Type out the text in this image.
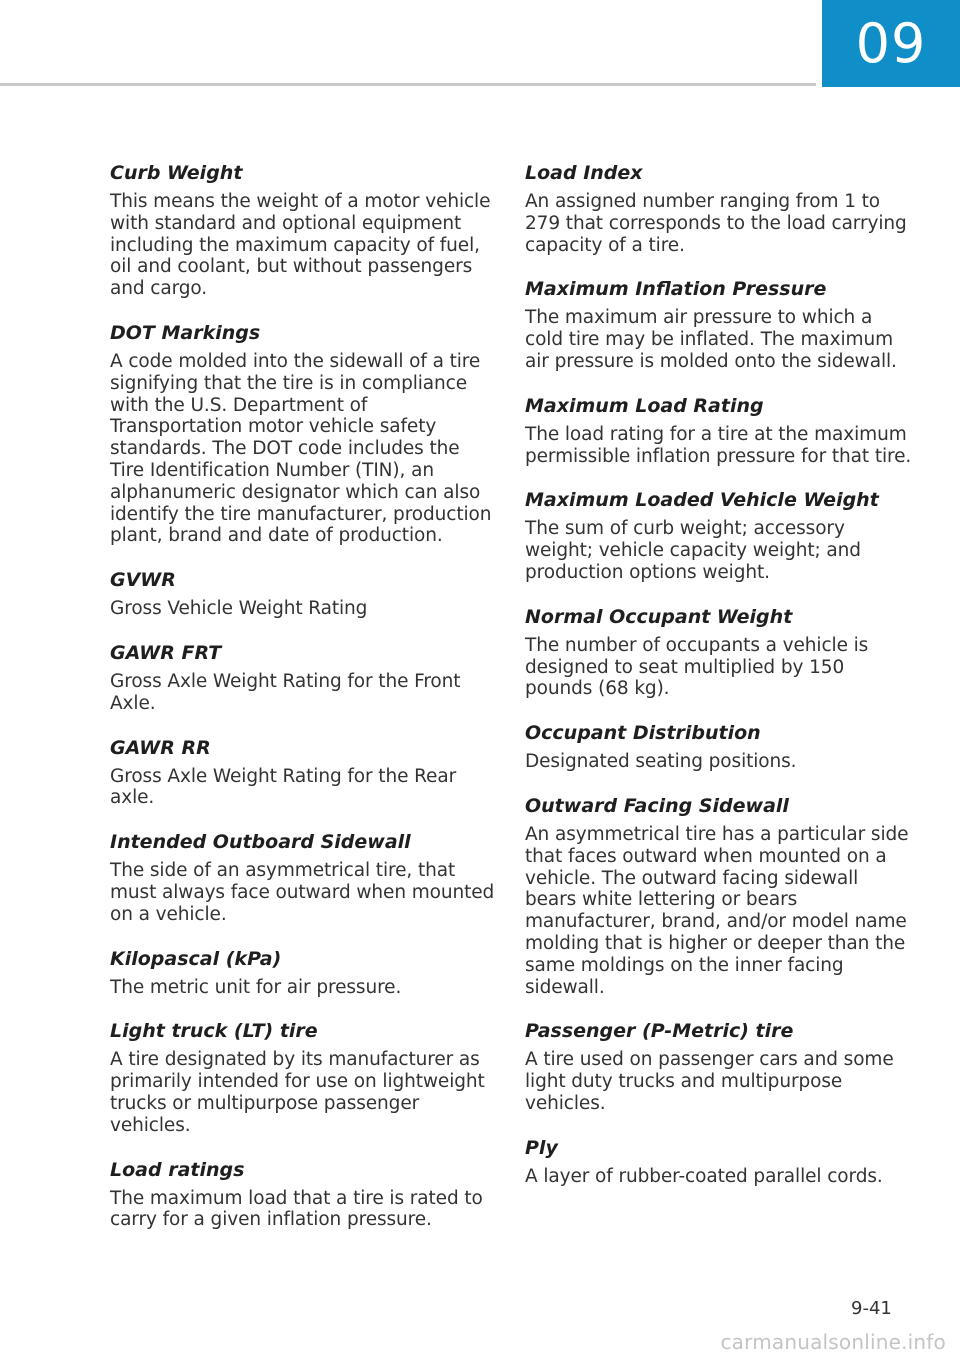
09

Curb Weight

This means the weight of a motor vehicle with standard and optional equipment including the maximum capacity of fuel, oil and coolant, but without passengers and cargo.

DOT Markings

A code molded into the sidewall of a tire signifying that the tire is in compliance with the U.S. Department of Transportation motor vehicle safety standards. The DOT code includes the Tire Identification Number (TIN), an alphanumeric designator which can also identify the tire manufacturer, production plant, brand and date of production.

GVWR

Gross Vehicle Weight Rating

GAWR FRT

Gross Axle Weight Rating for the Front Axle.

GAWR RR

Gross Axle Weight Rating for the Rear axle.

Intended Outboard Sidewall

The side of an asymmetrical tire, that must always face outward when mounted on a vehicle.

Kilopascal (kPa)

The metric unit for air pressure.

Light truck (LT) tire

A tire designated by its manufacturer as primarily intended for use on lightweight trucks or multipurpose passenger vehicles.

Load ratings

The maximum load that a tire is rated to carry for a given inflation pressure.

Load Index

An assigned number ranging from 1 to 279 that corresponds to the load carrying capacity of a tire.

Maximum Inflation Pressure

The maximum air pressure to which a cold tire may be inflated. The maximum air pressure is molded onto the sidewall.

Maximum Load Rating

The load rating for a tire at the maximum permissible inflation pressure for that tire.

Maximum Loaded Vehicle Weight

The sum of curb weight; accessory weight; vehicle capacity weight; and production options weight.

Normal Occupant Weight

The number of occupants a vehicle is designed to seat multiplied by 150 pounds (68 kg).

Occupant Distribution

Designated seating positions.

Outward Facing Sidewall

An asymmetrical tire has a particular side that faces outward when mounted on a vehicle. The outward facing sidewall bears white lettering or bears manufacturer, brand, and/or model name molding that is higher or deeper than the same moldings on the inner facing sidewall.

Passenger (P-Metric) tire

A tire used on passenger cars and some light duty trucks and multipurpose vehicles.

Ply

A layer of rubber-coated parallel cords.

9-41
carmanualsonline.info
